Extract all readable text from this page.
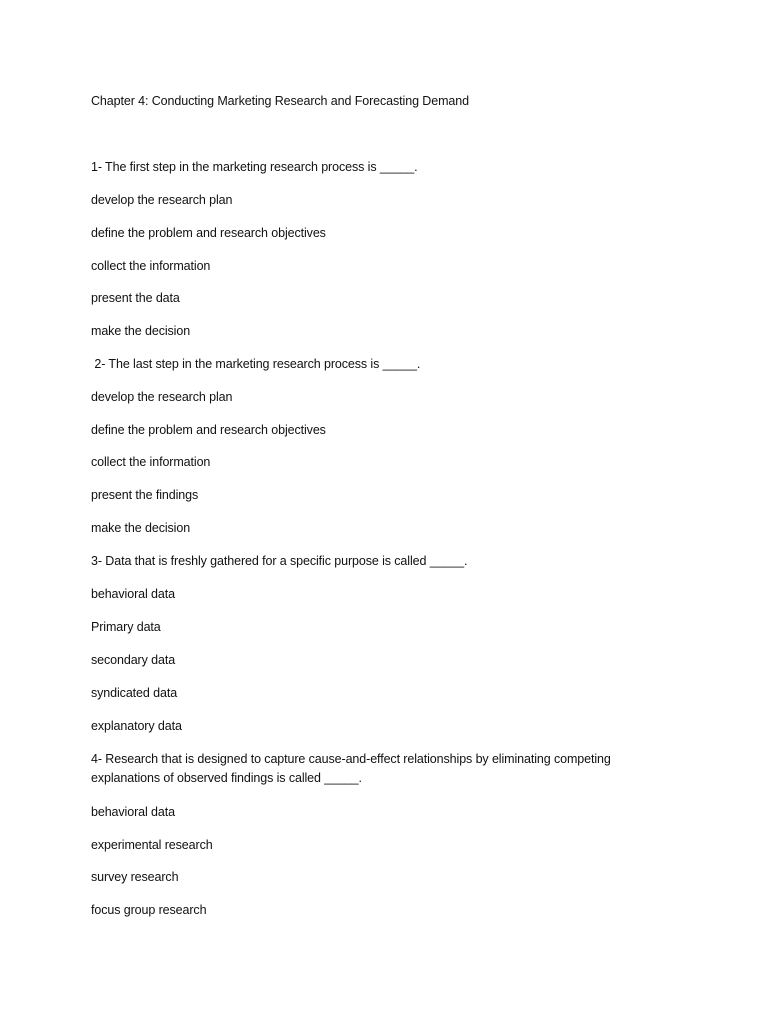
Chapter 4: Conducting Marketing Research and Forecasting Demand
1- The first step in the marketing research process is _____.
develop the research plan
define the problem and research objectives
collect the information
present the data
make the decision
2- The last step in the marketing research process is _____.
develop the research plan
define the problem and research objectives
collect the information
present the findings
make the decision
3- Data that is freshly gathered for a specific purpose is called _____.
behavioral data
Primary data
secondary data
syndicated data
explanatory data
4- Research that is designed to capture cause-and-effect relationships by eliminating competing
explanations of observed findings is called _____.
behavioral data
experimental research
survey research
focus group research
